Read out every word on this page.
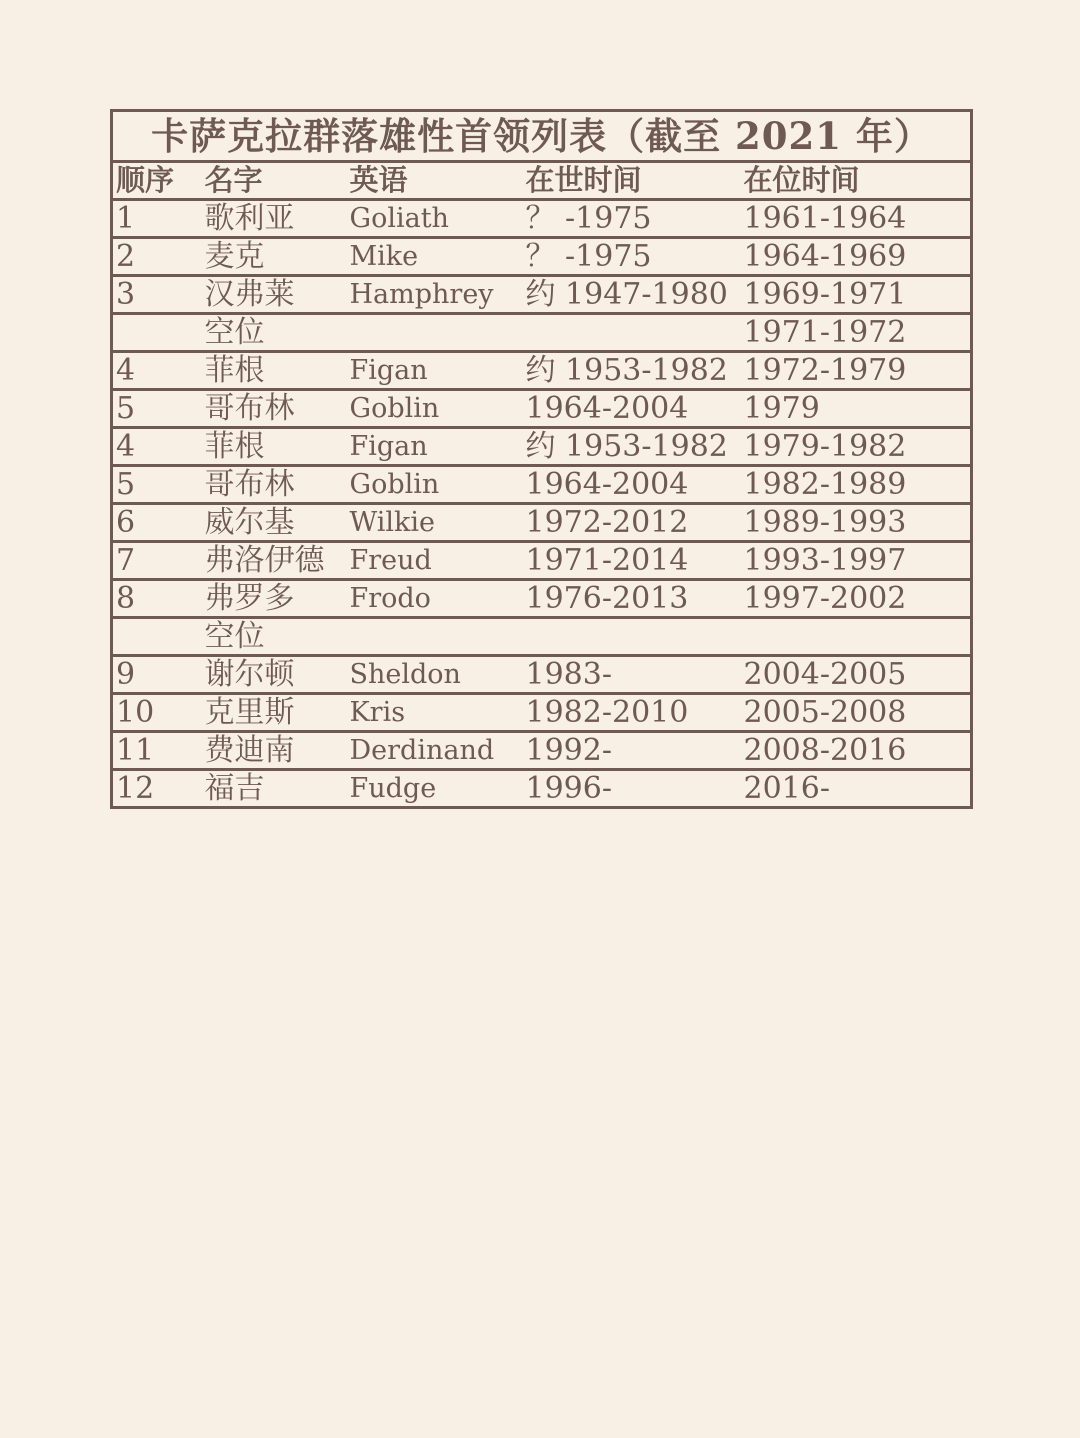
卡萨克拉群落雄性首领列表（截至 2021 年）				
顺序	名字	英语	在世时间	在位时间
1	歌利亚	Goliath	？ -1975	1961-1964
2	麦克	Mike	？ -1975	1964-1969
3	汉弗莱	Hamphrey	约 1947-1980	1969-1971
	空位			1971-1972
4	菲根	Figan	约 1953-1982	1972-1979
5	哥布林	Goblin	1964-2004	1979
4	菲根	Figan	约 1953-1982	1979-1982
5	哥布林	Goblin	1964-2004	1982-1989
6	威尔基	Wilkie	1972-2012	1989-1993
7	弗洛伊德	Freud	1971-2014	1993-1997
8	弗罗多	Frodo	1976-2013	1997-2002
	空位			
9	谢尔顿	Sheldon	1983-	2004-2005
10	克里斯	Kris	1982-2010	2005-2008
11	费迪南	Derdinand	1992-	2008-2016
12	福吉	Fudge	1996-	2016-
